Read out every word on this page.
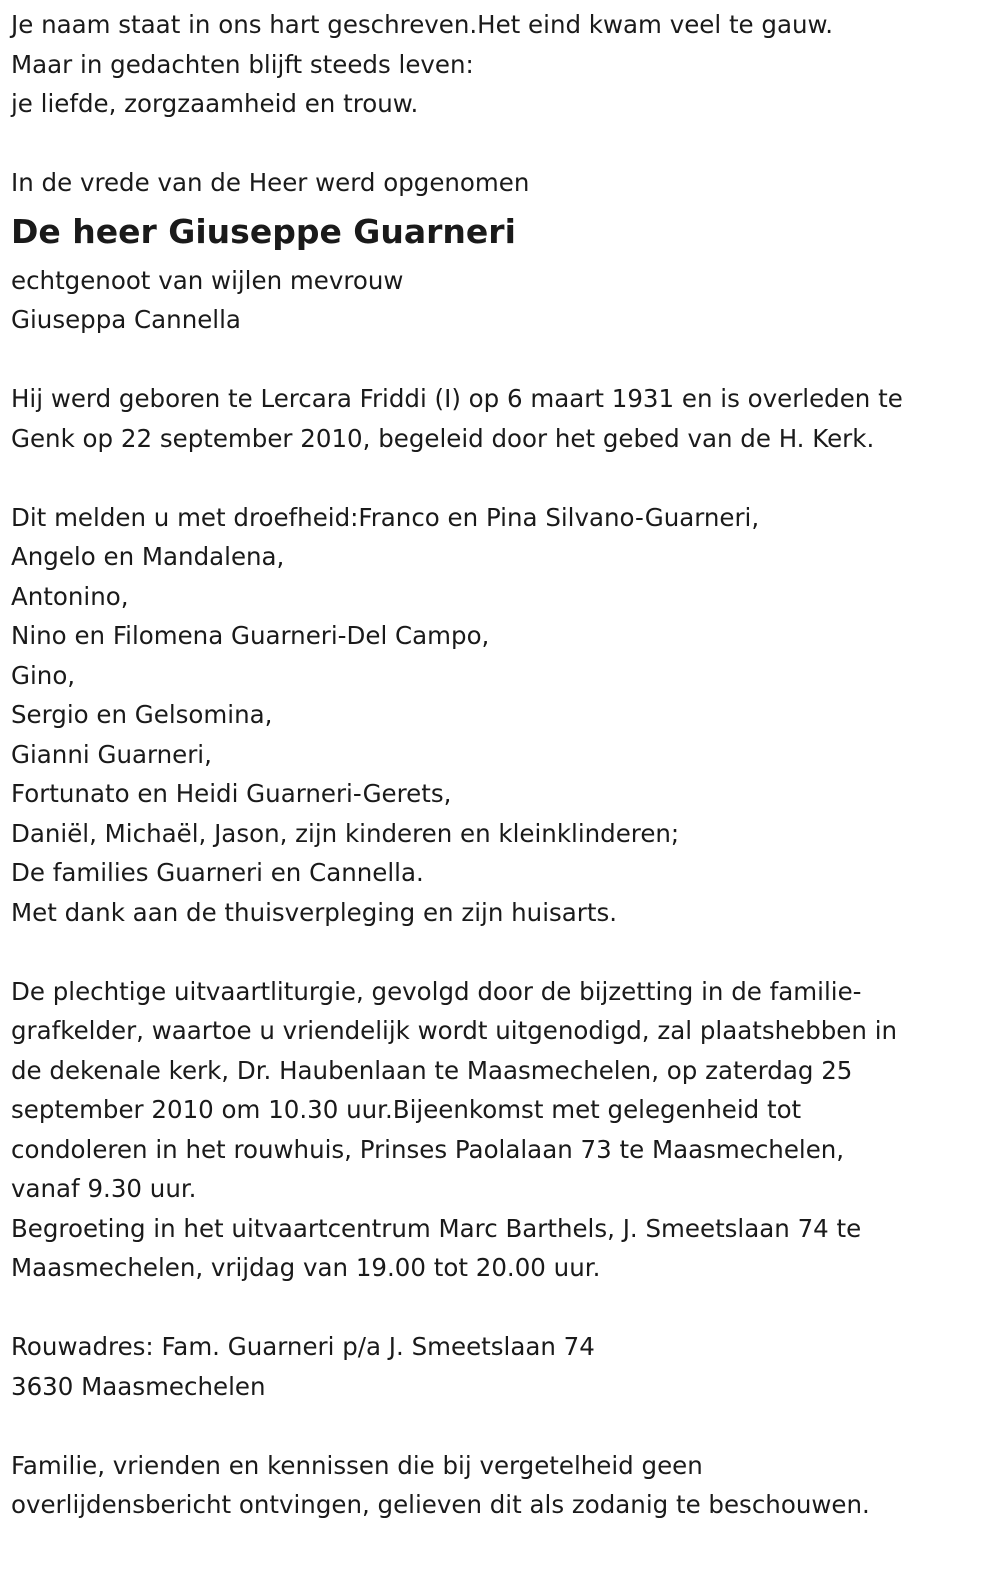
Je naam staat in ons hart geschreven.Het eind kwam veel te gauw.
Maar in gedachten blijft steeds leven:
je liefde, zorgzaamheid en trouw.
In de vrede van de Heer werd opgenomen
De heer Giuseppe Guarneri
echtgenoot van wijlen mevrouw
Giuseppa Cannella
Hij werd geboren te Lercara Friddi (I) op 6 maart 1931 en is overleden te
Genk op 22 september 2010, begeleid door het gebed van de H. Kerk.
Dit melden u met droefheid:Franco en Pina Silvano-Guarneri,
Angelo en Mandalena,
Antonino,
Nino en Filomena Guarneri-Del Campo,
Gino,
Sergio en Gelsomina,
Gianni Guarneri,
Fortunato en Heidi Guarneri-Gerets,
Daniël, Michaël, Jason, zijn kinderen en kleinklinderen;
De families Guarneri en Cannella.
Met dank aan de thuisverpleging en zijn huisarts.
De plechtige uitvaartliturgie, gevolgd door de bijzetting in de familie-
grafkelder, waartoe u vriendelijk wordt uitgenodigd, zal plaatshebben in
de dekenale kerk, Dr. Haubenlaan te Maasmechelen, op zaterdag 25
september 2010 om 10.30 uur.Bijeenkomst met gelegenheid tot
condoleren in het rouwhuis, Prinses Paolalaan 73 te Maasmechelen,
vanaf 9.30 uur.
Begroeting in het uitvaartcentrum Marc Barthels, J. Smeetslaan 74 te
Maasmechelen, vrijdag van 19.00 tot 20.00 uur.
Rouwadres: Fam. Guarneri p/a J. Smeetslaan 74
3630 Maasmechelen
Familie, vrienden en kennissen die bij vergetelheid geen
overlijdensbericht ontvingen, gelieven dit als zodanig te beschouwen.
